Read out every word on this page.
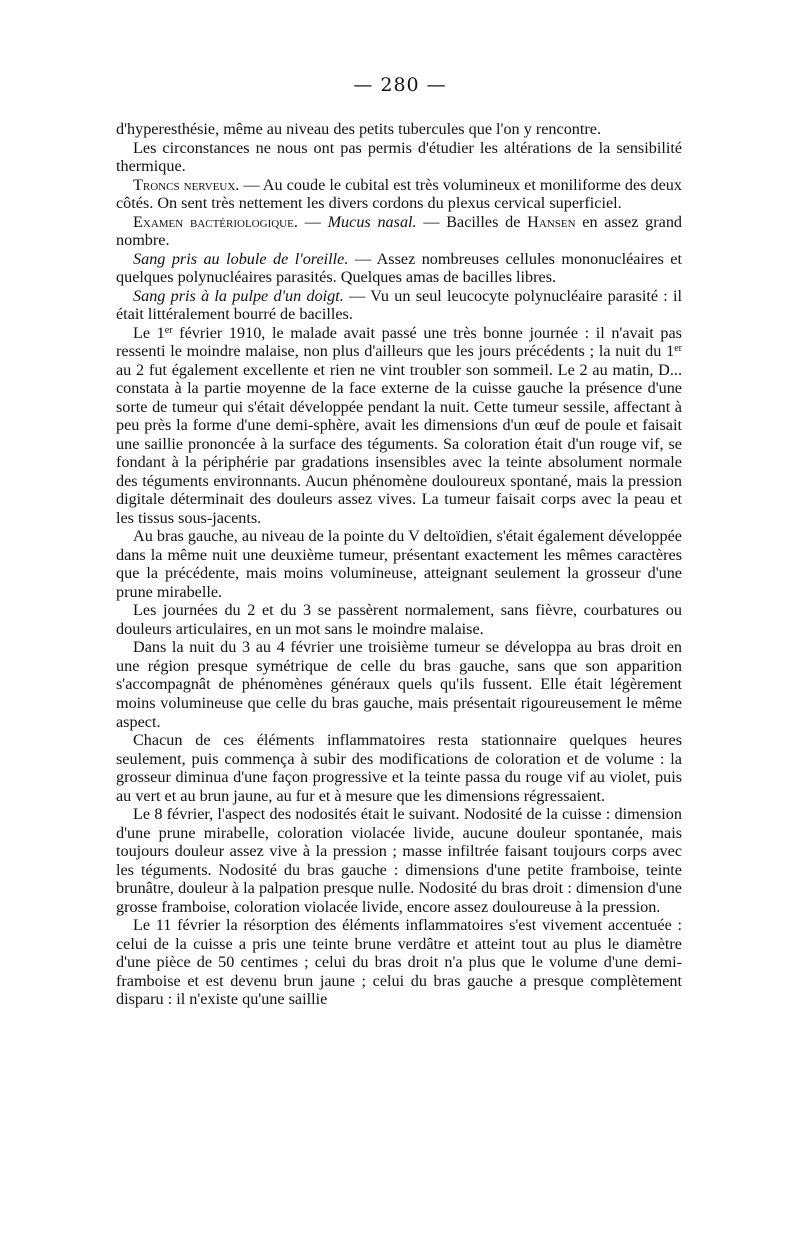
— 280 —

d'hyperesthésie, même au niveau des petits tubercules que l'on y rencontre.

Les circonstances ne nous ont pas permis d'étudier les altérations de la sensibilité thermique.

Troncs nerveux. — Au coude le cubital est très volumineux et moniliforme des deux côtés. On sent très nettement les divers cordons du plexus cervical superficiel.

Examen bactériologique. — Mucus nasal. — Bacilles de Hansen en assez grand nombre.

Sang pris au lobule de l'oreille. — Assez nombreuses cellules mononucléaires et quelques polynucléaires parasités. Quelques amas de bacilles libres.

Sang pris à la pulpe d'un doigt. — Vu un seul leucocyte polynucléaire parasité : il était littéralement bourré de bacilles.

Le 1er février 1910, le malade avait passé une très bonne journée : il n'avait pas ressenti le moindre malaise, non plus d'ailleurs que les jours précédents ; la nuit du 1er au 2 fut également excellente et rien ne vint troubler son sommeil. Le 2 au matin, D... constata à la partie moyenne de la face externe de la cuisse gauche la présence d'une sorte de tumeur qui s'était développée pendant la nuit. Cette tumeur sessile, affectant à peu près la forme d'une demi-sphère, avait les dimensions d'un œuf de poule et faisait une saillie prononcée à la surface des téguments. Sa coloration était d'un rouge vif, se fondant à la périphérie par gradations insensibles avec la teinte absolument normale des téguments environnants. Aucun phénomène douloureux spontané, mais la pression digitale déterminait des douleurs assez vives. La tumeur faisait corps avec la peau et les tissus sous-jacents.

Au bras gauche, au niveau de la pointe du V deltoïdien, s'était également développée dans la même nuit une deuxième tumeur, présentant exactement les mêmes caractères que la précédente, mais moins volumineuse, atteignant seulement la grosseur d'une prune mirabelle.

Les journées du 2 et du 3 se passèrent normalement, sans fièvre, courbatures ou douleurs articulaires, en un mot sans le moindre malaise.

Dans la nuit du 3 au 4 février une troisième tumeur se développa au bras droit en une région presque symétrique de celle du bras gauche, sans que son apparition s'accompagnât de phénomènes généraux quels qu'ils fussent. Elle était légèrement moins volumineuse que celle du bras gauche, mais présentait rigoureusement le même aspect.

Chacun de ces éléments inflammatoires resta stationnaire quelques heures seulement, puis commença à subir des modifications de coloration et de volume : la grosseur diminua d'une façon progressive et la teinte passa du rouge vif au violet, puis au vert et au brun jaune, au fur et à mesure que les dimensions régressaient.

Le 8 février, l'aspect des nodosités était le suivant. Nodosité de la cuisse : dimension d'une prune mirabelle, coloration violacée livide, aucune douleur spontanée, mais toujours douleur assez vive à la pression ; masse infiltrée faisant toujours corps avec les téguments. Nodosité du bras gauche : dimensions d'une petite framboise, teinte brunâtre, douleur à la palpation presque nulle. Nodosité du bras droit : dimension d'une grosse framboise, coloration violacée livide, encore assez douloureuse à la pression.

Le 11 février la résorption des éléments inflammatoires s'est vivement accentuée : celui de la cuisse a pris une teinte brune verdâtre et atteint tout au plus le diamètre d'une pièce de 50 centimes ; celui du bras droit n'a plus que le volume d'une demi-framboise et est devenu brun jaune ; celui du bras gauche a presque complètement disparu : il n'existe qu'une saillie
